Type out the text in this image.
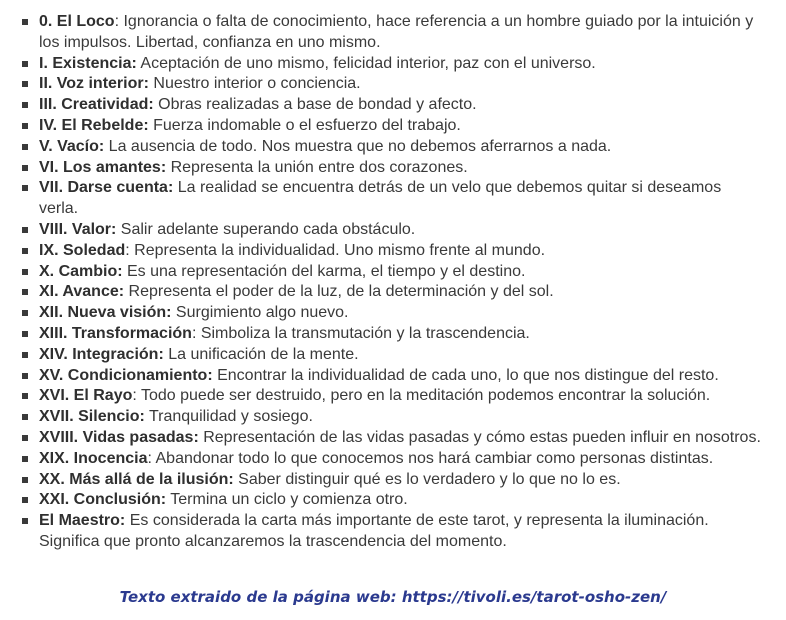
0. El Loco: Ignorancia o falta de conocimiento, hace referencia a un hombre guiado por la intuición y los impulsos. Libertad, confianza en uno mismo.
I. Existencia: Aceptación de uno mismo, felicidad interior, paz con el universo.
II. Voz interior: Nuestro interior o conciencia.
III. Creatividad: Obras realizadas a base de bondad y afecto.
IV. El Rebelde: Fuerza indomable o el esfuerzo del trabajo.
V. Vacío: La ausencia de todo. Nos muestra que no debemos aferrarnos a nada.
VI. Los amantes: Representa la unión entre dos corazones.
VII. Darse cuenta: La realidad se encuentra detrás de un velo que debemos quitar si deseamos verla.
VIII. Valor: Salir adelante superando cada obstáculo.
IX. Soledad: Representa la individualidad. Uno mismo frente al mundo.
X. Cambio: Es una representación del karma, el tiempo y el destino.
XI. Avance: Representa el poder de la luz, de la determinación y del sol.
XII. Nueva visión: Surgimiento algo nuevo.
XIII. Transformación: Simboliza la transmutación y la trascendencia.
XIV. Integración: La unificación de la mente.
XV. Condicionamiento: Encontrar la individualidad de cada uno, lo que nos distingue del resto.
XVI. El Rayo: Todo puede ser destruido, pero en la meditación podemos encontrar la solución.
XVII. Silencio: Tranquilidad y sosiego.
XVIII. Vidas pasadas: Representación de las vidas pasadas y cómo estas pueden influir en nosotros.
XIX. Inocencia: Abandonar todo lo que conocemos nos hará cambiar como personas distintas.
XX. Más allá de la ilusión: Saber distinguir qué es lo verdadero y lo que no lo es.
XXI. Conclusión: Termina un ciclo y comienza otro.
El Maestro: Es considerada la carta más importante de este tarot, y representa la iluminación. Significa que pronto alcanzaremos la trascendencia del momento.
Texto extraido de la página web: https://tivoli.es/tarot-osho-zen/
